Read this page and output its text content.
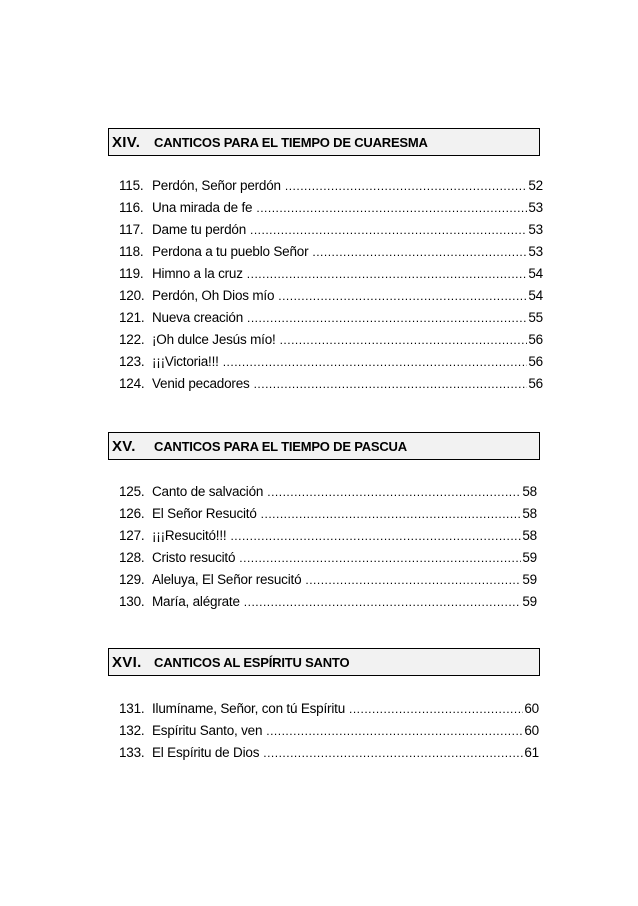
XIV.	CANTICOS PARA EL TIEMPO DE CUARESMA
115. Perdón, Señor perdón .....	52
116. Una mirada de fe .....	53
117. Dame tu perdón .....	53
118. Perdona a tu pueblo Señor .....	53
119. Himno a la cruz .....	54
120. Perdón, Oh Dios mío .....	54
121. Nueva creación .....	55
122. ¡Oh dulce Jesús mío! .....	56
123. ¡¡¡Victoria!!! .....	56
124. Venid pecadores .....	56
XV.	CANTICOS PARA EL TIEMPO DE PASCUA
125. Canto de salvación .....	58
126. El Señor Resucitó .....	58
127. ¡¡¡Resucitó!!! .....	58
128. Cristo resucitó .....	59
129. Aleluya, El Señor resucitó .....	59
130. María, alégrate .....	59
XVI. CANTICOS AL ESPÍRITU SANTO
131. Ilumíname, Señor, con tú Espíritu .....	60
132. Espíritu Santo, ven .....	60
133. El Espíritu de Dios .....	61
